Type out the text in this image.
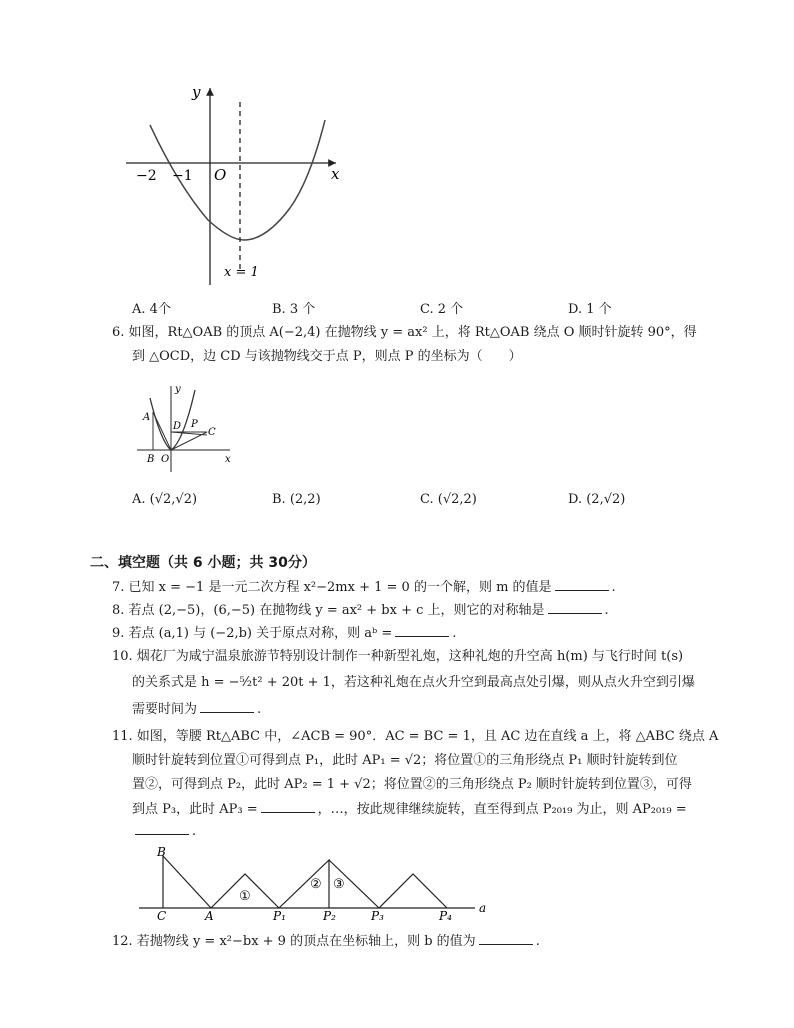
y
x
O
−2 −1
x = 1
A. 4个	B. 3 个	C. 2 个	D. 1 个
6. 如图，Rt△OAB 的顶点 A(−2,4) 在抛物线 y = ax² 上，将 Rt△OAB 绕点 O 顺时针旋转 90°，得
到 △OCD，边 CD 与该抛物线交于点 P，则点 P 的坐标为（　　）
y
x
A
B O
D P
C
A. (√2,√2)	B. (2,2)	C. (√2,2)	D. (2,√2)
二、填空题（共 6 小题；共 30分）
7. 已知 x = −1 是一元二次方程 x²−2mx + 1 = 0 的一个解，则 m 的值是	.
8. 若点 (2,−5)，(6,−5) 在抛物线 y = ax² + bx + c 上，则它的对称轴是	.
9. 若点 (a,1) 与 (−2,b) 关于原点对称，则 aᵇ =	.
10. 烟花厂为咸宁温泉旅游节特别设计制作一种新型礼炮，这种礼炮的升空高 h(m) 与飞行时间 t(s)
的关系式是 h = −⁵⁄₂t² + 20t + 1，若这种礼炮在点火升空到最高点处引爆，则从点火升空到引爆
需要时间为	.
11. 如图，等腰 Rt△ABC 中，∠ACB = 90°．AC = BC = 1，且 AC 边在直线 a 上，将 △ABC 绕点 A
顺时针旋转到位置①可得到点 P₁，此时 AP₁ = √2；将位置①的三角形绕点 P₁ 顺时针旋转到位
置②，可得到点 P₂，此时 AP₂ = 1 + √2；将位置②的三角形绕点 P₂ 顺时针旋转到位置③，可得
到点 P₃，此时 AP₃ =	，…，按此规律继续旋转，直至得到点 P₂₀₁₉ 为止，则 AP₂₀₁₉ =
.
B
C	A	P₁	P₂	P₃	P₄
a
①
② ③
12. 若抛物线 y = x²−bx + 9 的顶点在坐标轴上，则 b 的值为	.
